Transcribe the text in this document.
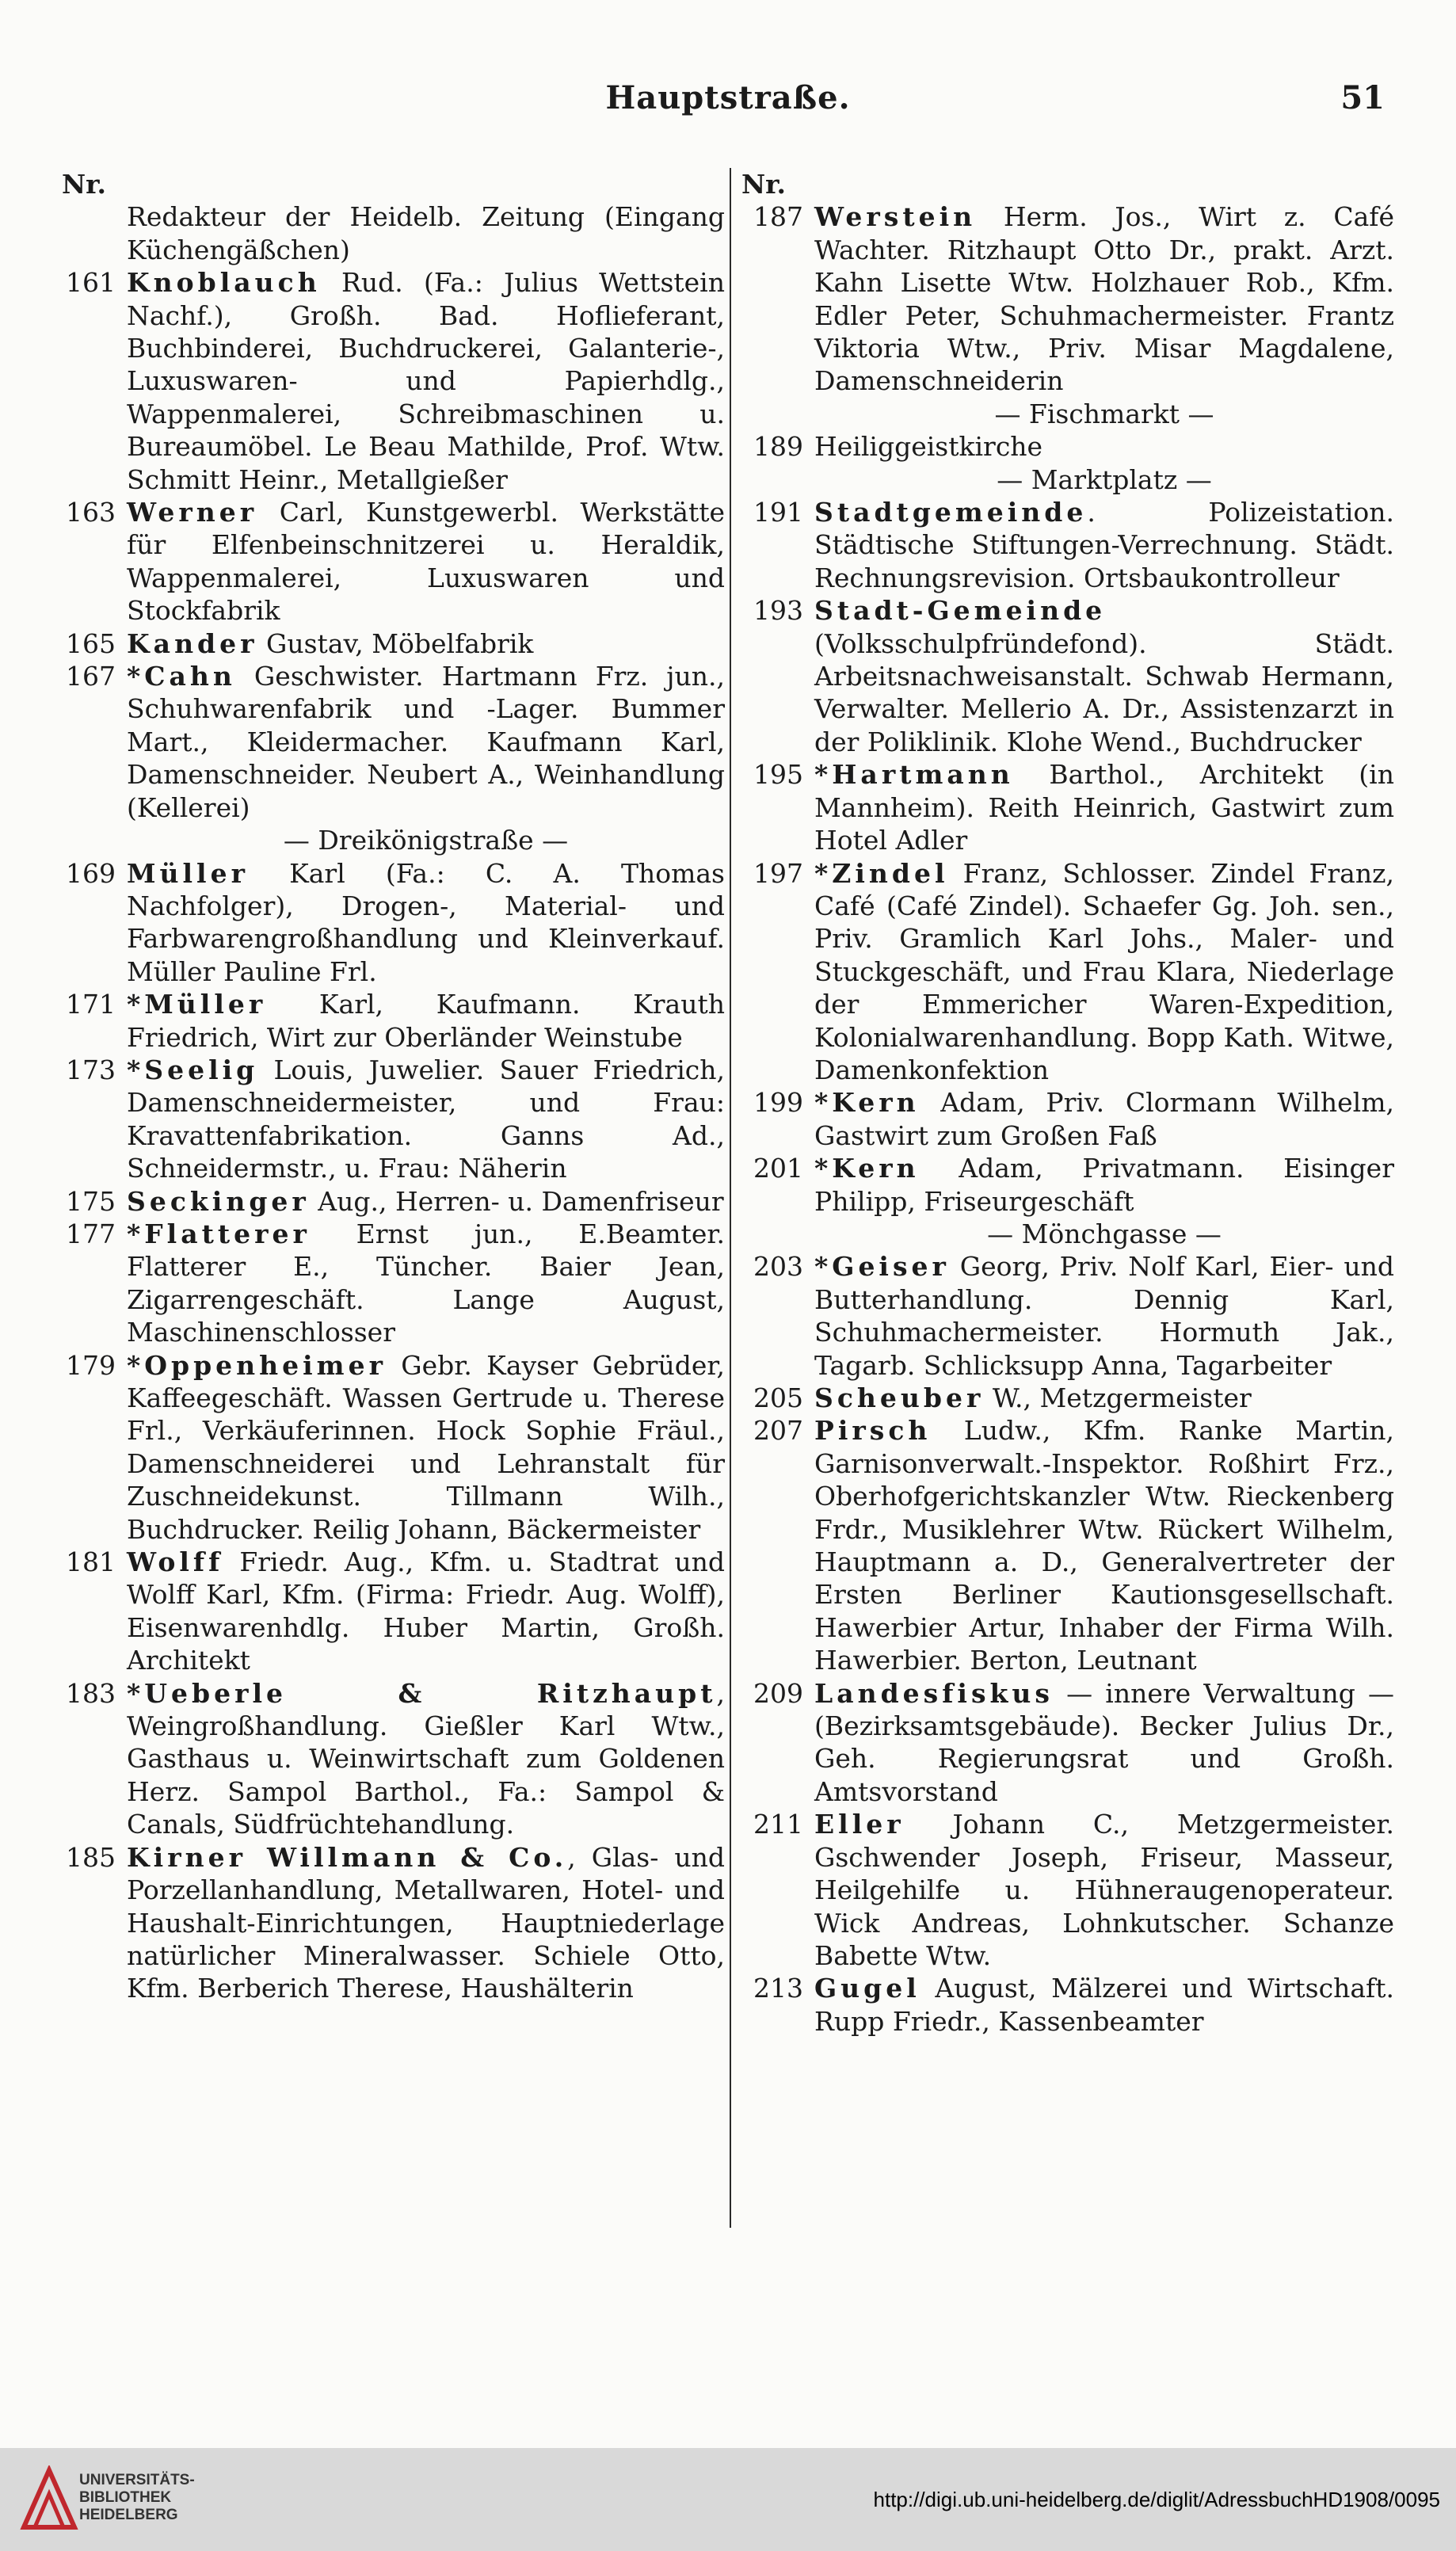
Hauptstraße.	51
Nr.
Redakteur der Heidelb. Zeitung (Eingang Küchengäßchen)
161 Knoblauch Rud. (Fa.: Julius Wettstein Nachf.), Großh. Bad. Hoflieferant, Buchbinderei, Buchdruckerei, Galanterie-, Luxuswaren- und Papierhdlg., Wappenmalerei, Schreibmaschinen u. Bureaumöbel. Le Beau Mathilde, Prof. Wtw. Schmitt Heinr., Metallgießer
163 Werner Carl, Kunstgewerbl. Werkstätte für Elfenbeinschnitzerei u. Heraldik, Wappenmalerei, Luxuswaren und Stockfabrik
165 Kander Gustav, Möbelfabrik
167 *Cahn Geschwister. Hartmann Frz. jun., Schuhwarenfabrik und -Lager. Bummer Mart., Kleidermacher. Kaufmann Karl, Damenschneider. Neubert A., Weinhandlung (Kellerei)
— Dreikönigstraße —
169 Müller Karl (Fa.: C. A. Thomas Nachfolger), Drogen-, Material- und Farbwarengroßhandlung und Kleinverkauf. Müller Pauline Frl.
171 *Müller Karl, Kaufmann. Krauth Friedrich, Wirt zur Oberländer Weinstube
173 *Seelig Louis, Juwelier. Sauer Friedrich, Damenschneidermeister, und Frau: Kravattenfabrikation. Ganns Ad., Schneidermstr., u. Frau: Näherin
175 Seckinger Aug., Herren- u. Damenfriseur
177 *Flatterer Ernst jun., E.Beamter. Flatterer E., Tüncher. Baier Jean, Zigarrengeschäft. Lange August, Maschinenschlosser
179 *Oppenheimer Gebr. Kayser Gebrüder, Kaffeegeschäft. Wassen Gertrude u. Therese Frl., Verkäuferinnen. Hock Sophie Fräul., Damenschneiderei und Lehranstalt für Zuschneidekunst. Tillmann Wilh., Buchdrucker. Reilig Johann, Bäckermeister
181 Wolff Friedr. Aug., Kfm. u. Stadtrat und Wolff Karl, Kfm. (Firma: Friedr. Aug. Wolff), Eisenwarenhdlg. Huber Martin, Großh. Architekt
183 *Ueberle & Ritzhaupt, Weingroßhandlung. Gießler Karl Wtw., Gasthaus u. Weinwirtschaft zum Goldenen Herz. Sampol Barthol., Fa.: Sampol & Canals, Südfrüchtehandlung.
185 Kirner Willmann & Co., Glas- und Porzellanhandlung, Metallwaren, Hotel- und Haushalt-Einrichtungen, Hauptniederlage natürlicher Mineralwasser. Schiele Otto, Kfm. Berberich Therese, Haushälterin
Nr.
187 Werstein Herm. Jos., Wirt z. Café Wachter. Ritzhaupt Otto Dr., prakt. Arzt. Kahn Lisette Wtw. Holzhauer Rob., Kfm. Edler Peter, Schuhmachermeister. Frantz Viktoria Wtw., Priv. Misar Magdalene, Damenschneiderin
— Fischmarkt —
189 Heiliggeistkirche
— Marktplatz —
191 Stadtgemeinde. Polizeistation. Städtische Stiftungen-Verrechnung. Städt. Rechnungsrevision. Ortsbaukontrolleur
193 Stadt-Gemeinde (Volksschulpfründefond). Städt. Arbeitsnachweisanstalt. Schwab Hermann, Verwalter. Mellerio A. Dr., Assistenzarzt in der Poliklinik. Klohe Wend., Buchdrucker
195 *Hartmann Barthol., Architekt (in Mannheim). Reith Heinrich, Gastwirt zum Hotel Adler
197 *Zindel Franz, Schlosser. Zindel Franz, Café (Café Zindel). Schaefer Gg. Joh. sen., Priv. Gramlich Karl Johs., Maler- und Stuckgeschäft, und Frau Klara, Niederlage der Emmericher Waren-Expedition, Kolonialwarenhandlung. Bopp Kath. Witwe, Damenkonfektion
199 *Kern Adam, Priv. Clormann Wilhelm, Gastwirt zum Großen Faß
201 *Kern Adam, Privatmann. Eisinger Philipp, Friseurgeschäft
— Mönchgasse —
203 *Geiser Georg, Priv. Nolf Karl, Eier- und Butterhandlung. Dennig Karl, Schuhmachermeister. Hormuth Jak., Tagarb. Schlicksupp Anna, Tagarbeiter
205 Scheuber W., Metzgermeister
207 Pirsch Ludw., Kfm. Ranke Martin, Garnisonverwalt.-Inspektor. Roßhirt Frz., Oberhofgerichtskanzler Wtw. Rieckenberg Frdr., Musiklehrer Wtw. Rückert Wilhelm, Hauptmann a. D., Generalvertreter der Ersten Berliner Kautionsgesellschaft. Hawerbier Artur, Inhaber der Firma Wilh. Hawerbier. Berton, Leutnant
209 Landesfiskus — innere Verwaltung — (Bezirksamtsgebäude). Becker Julius Dr., Geh. Regierungsrat und Großh. Amtsvorstand
211 Eller Johann C., Metzgermeister. Gschwender Joseph, Friseur, Masseur, Heilgehilfe u. Hühneraugenoperateur. Wick Andreas, Lohnkutscher. Schanze Babette Wtw.
213 Gugel August, Mälzerei und Wirtschaft. Rupp Friedr., Kassenbeamter
UNIVERSITÄTS-
BIBLIOTHEK
HEIDELBERG
http://digi.ub.uni-heidelberg.de/diglit/AdressbuchHD1908/0095
